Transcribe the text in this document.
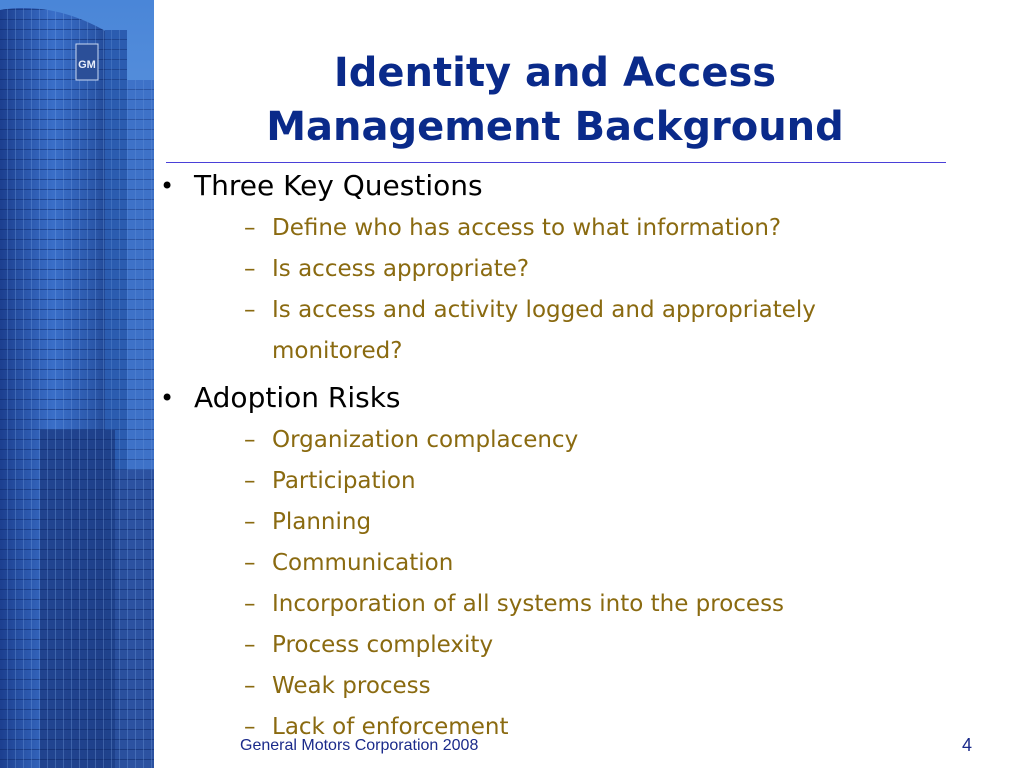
GM	Identity and Access
Management Background
• Three Key Questions
– Define who has access to what information?
– Is access appropriate?
– Is access and activity logged and appropriately monitored?
• Adoption Risks
– Organization complacency
– Participation
– Planning
– Communication
– Incorporation of all systems into the process
– Process complexity
– Weak process
– Lack of enforcement
General Motors Corporation 2008	4
